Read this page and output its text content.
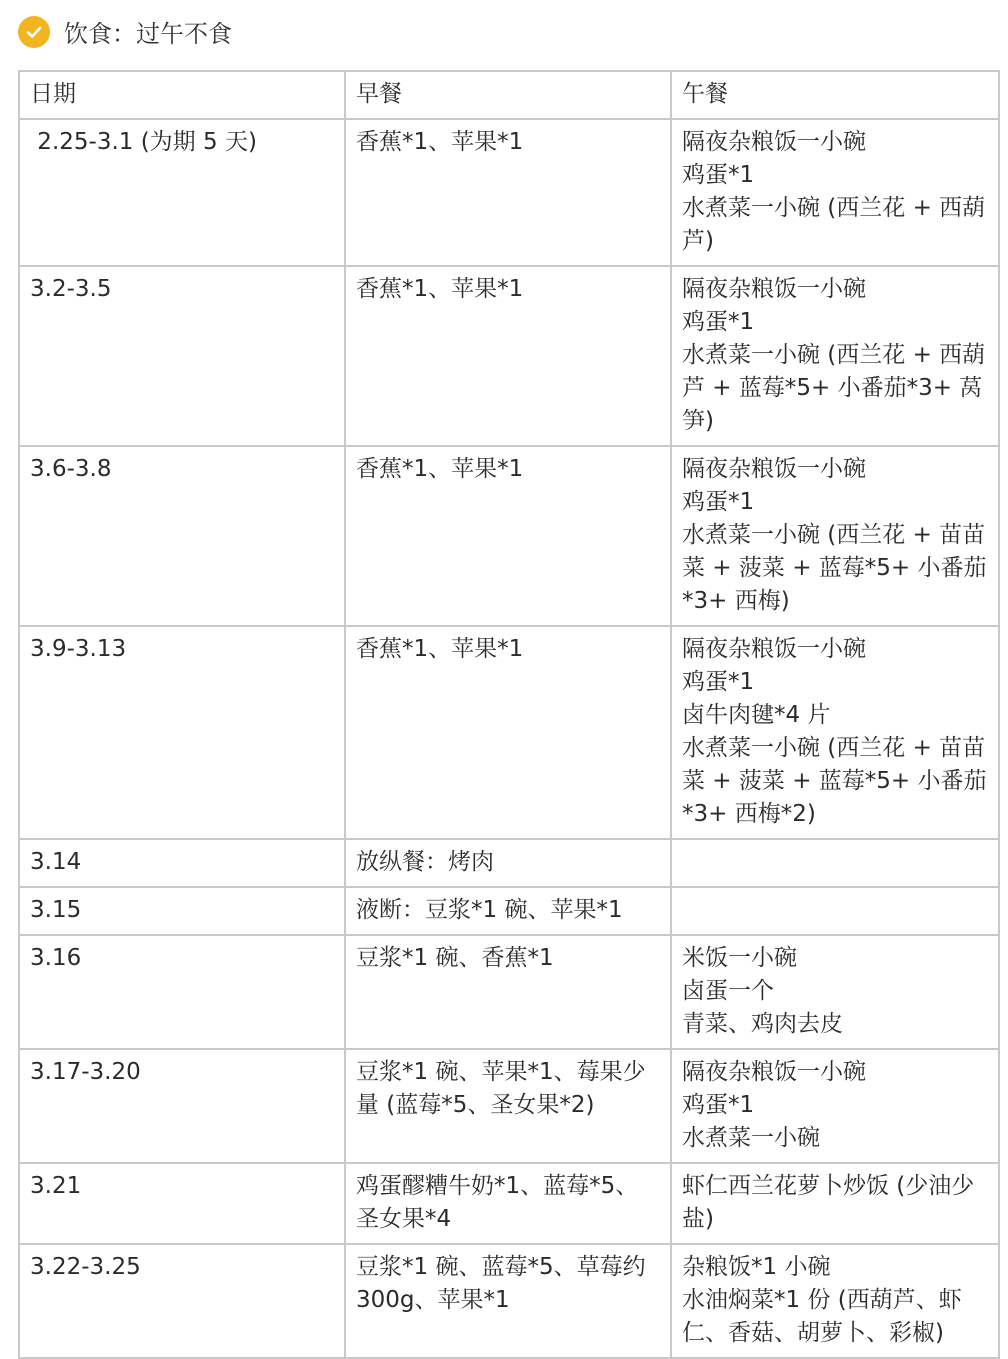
饮食：过午不食
日期	早餐	午餐
2.25-3.1 (为期 5 天)	香蕉*1、苹果*1	隔夜杂粮饭一小碗
鸡蛋*1
水煮菜一小碗 (西兰花 + 西葫芦)

3.2-3.5	香蕉*1、苹果*1	隔夜杂粮饭一小碗
鸡蛋*1
水煮菜一小碗 (西兰花 + 西葫芦 + 蓝莓*5+ 小番茄*3+ 莴笋)

3.6-3.8	香蕉*1、苹果*1	隔夜杂粮饭一小碗
鸡蛋*1
水煮菜一小碗 (西兰花 + 苗苗菜 + 菠菜 + 蓝莓*5+ 小番茄*3+ 西梅)

3.9-3.13	香蕉*1、苹果*1	隔夜杂粮饭一小碗
鸡蛋*1
卤牛肉毽*4 片
水煮菜一小碗 (西兰花 + 苗苗菜 + 菠菜 + 蓝莓*5+ 小番茄*3+ 西梅*2)

3.14	放纵餐：烤肉	
3.15	液断：豆浆*1 碗、苹果*1	
3.16	豆浆*1 碗、香蕉*1	米饭一小碗
卤蛋一个
青菜、鸡肉去皮

3.17-3.20	豆浆*1 碗、苹果*1、莓果少量 (蓝莓*5、圣女果*2)	隔夜杂粮饭一小碗
鸡蛋*1
水煮菜一小碗

3.21	鸡蛋醪糟牛奶*1、蓝莓*5、圣女果*4	虾仁西兰花萝卜炒饭 (少油少盐)

3.22-3.25	豆浆*1 碗、蓝莓*5、草莓约 300g、苹果*1	杂粮饭*1 小碗
水油焖菜*1 份 (西葫芦、虾仁、香菇、胡萝卜、彩椒)
